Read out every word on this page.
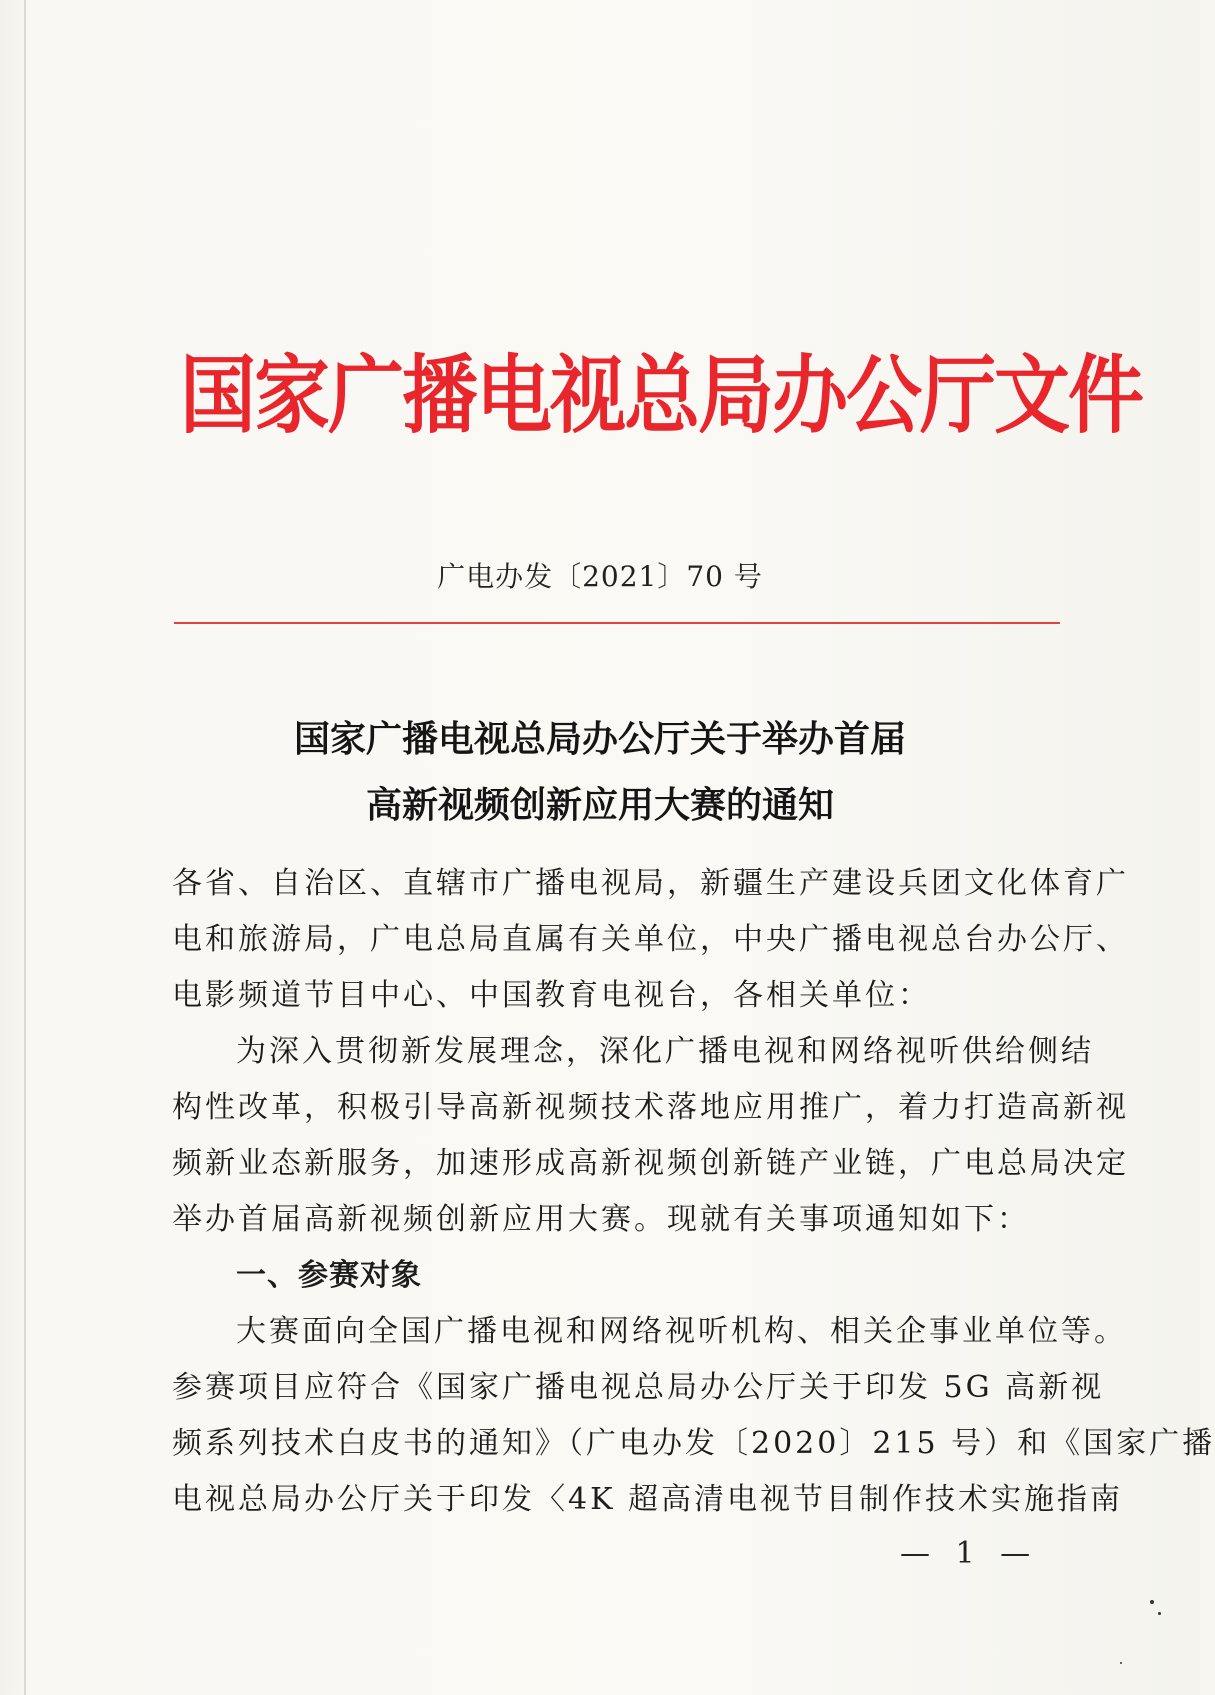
国家广播电视总局办公厅文件
广电办发〔2021〕70 号
国家广播电视总局办公厅关于举办首届
高新视频创新应用大赛的通知
各省、自治区、直辖市广播电视局，新疆生产建设兵团文化体育广
电和旅游局，广电总局直属有关单位，中央广播电视总台办公厅、
电影频道节目中心、中国教育电视台，各相关单位：
为深入贯彻新发展理念，深化广播电视和网络视听供给侧结
构性改革，积极引导高新视频技术落地应用推广，着力打造高新视
频新业态新服务，加速形成高新视频创新链产业链，广电总局决定
举办首届高新视频创新应用大赛。现就有关事项通知如下：
一、参赛对象
大赛面向全国广播电视和网络视听机构、相关企事业单位等。
参赛项目应符合《国家广播电视总局办公厅关于印发 5G 高新视
频系列技术白皮书的通知》（广电办发〔2020〕215 号）和《国家广播
电视总局办公厅关于印发〈4K 超高清电视节目制作技术实施指南
— 1 —
